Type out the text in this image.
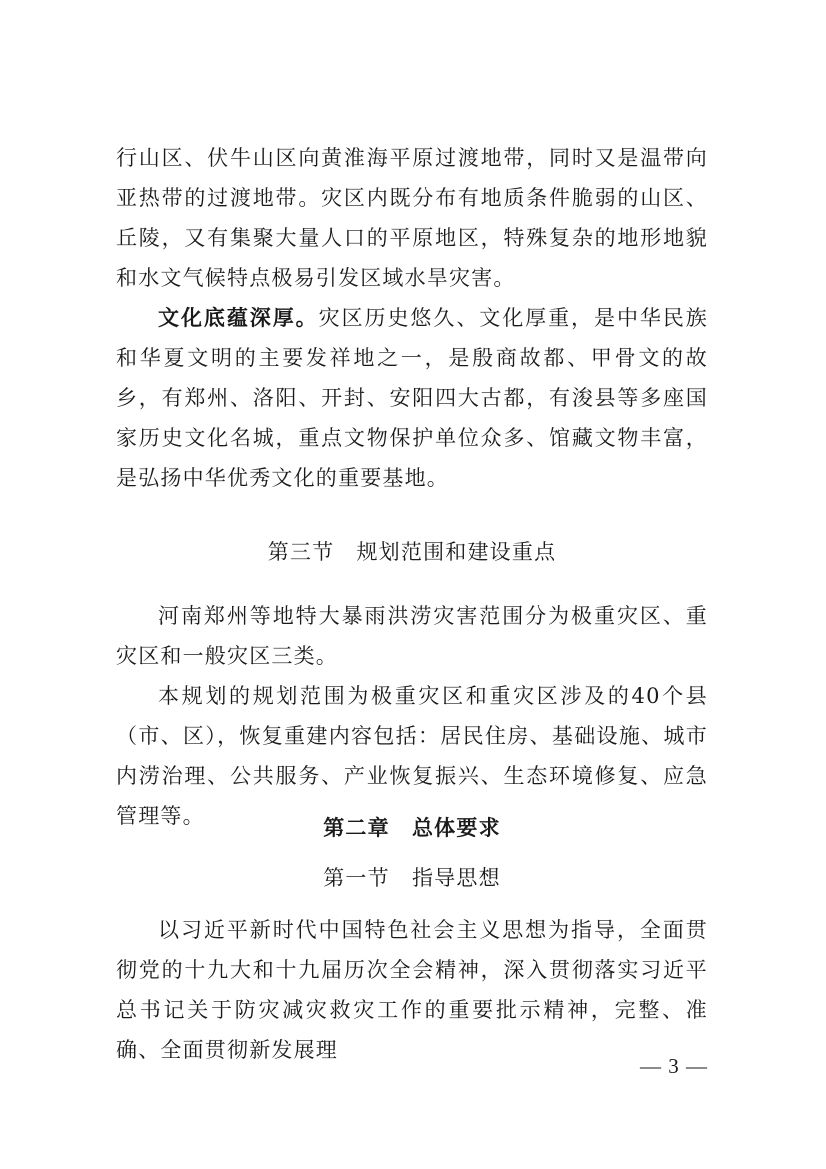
行山区、伏牛山区向黄淮海平原过渡地带，同时又是温带向亚热带的过渡地带。灾区内既分布有地质条件脆弱的山区、丘陵，又有集聚大量人口的平原地区，特殊复杂的地形地貌和水文气候特点极易引发区域水旱灾害。

文化底蕴深厚。灾区历史悠久、文化厚重，是中华民族和华夏文明的主要发祥地之一，是殷商故都、甲骨文的故乡，有郑州、洛阳、开封、安阳四大古都，有浚县等多座国家历史文化名城，重点文物保护单位众多、馆藏文物丰富，是弘扬中华优秀文化的重要基地。

第三节　规划范围和建设重点

河南郑州等地特大暴雨洪涝灾害范围分为极重灾区、重灾区和一般灾区三类。

本规划的规划范围为极重灾区和重灾区涉及的40个县（市、区），恢复重建内容包括：居民住房、基础设施、城市内涝治理、公共服务、产业恢复振兴、生态环境修复、应急管理等。	第二章　总体要求
第一节　指导思想

以习近平新时代中国特色社会主义思想为指导，全面贯彻党的十九大和十九届历次全会精神，深入贯彻落实习近平总书记关于防灾减灾救灾工作的重要批示精神，完整、准确、全面贯彻新发展理

— 3 —
